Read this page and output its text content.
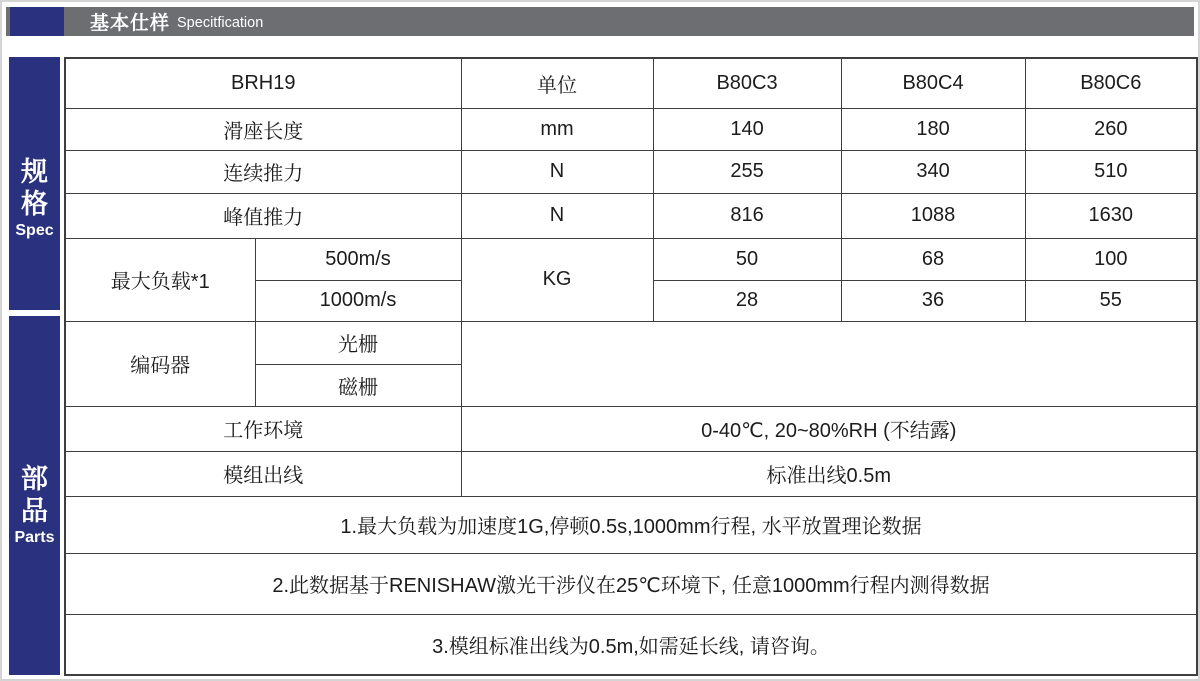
基本仕样 Specitfication
规格
Spec
部品
Parts
BRH19		单位	B80C3	B80C4	B80C6
滑座长度		mm	140	180	260
连续推力		N	255	340	510
峰值推力		N	816	1088	1630
最大负载*1	500m/s	KG	50	68	100
	1000m/s		28	36	55
编码器	光栅				
	磁栅				
工作环境		0-40℃, 20~80%RH (不结露)			
模组出线		标准出线0.5m			
1.最大负载为加速度1G,停顿0.5s,1000mm行程, 水平放置理论数据					
2.此数据基于RENISHAW激光干涉仪在25℃环境下, 任意1000mm行程内测得数据					
3.模组标准出线为0.5m,如需延长线, 请咨询。					
